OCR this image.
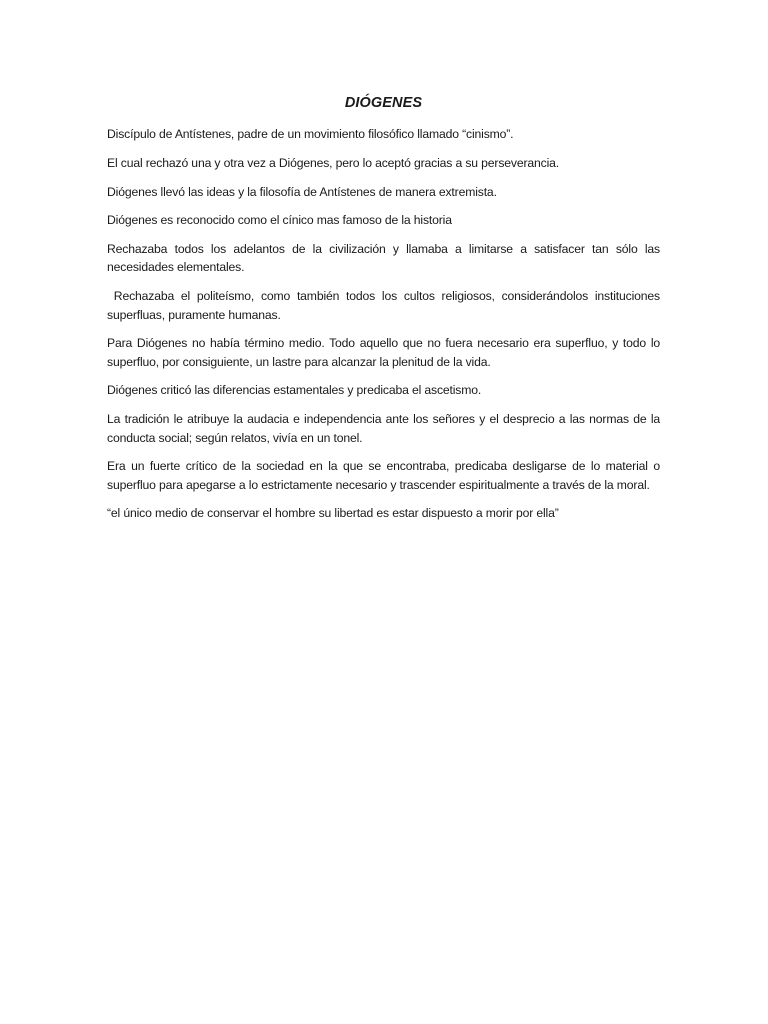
DIÓGENES

Discípulo de Antístenes, padre de un movimiento filosófico llamado “cinismo”.

El cual rechazó una y otra vez a Diógenes, pero lo aceptó gracias a su perseverancia.

Diógenes llevó las ideas y la filosofía de Antístenes de manera extremista.

Diógenes es reconocido como el cínico mas famoso de la historia

Rechazaba todos los adelantos de la civilización y llamaba a limitarse a satisfacer tan sólo las necesidades elementales.

Rechazaba el politeísmo, como también todos los cultos religiosos, considerándolos instituciones superfluas, puramente humanas.

Para Diógenes no había término medio. Todo aquello que no fuera necesario era superfluo, y todo lo superfluo, por consiguiente, un lastre para alcanzar la plenitud de la vida.

Diógenes criticó las diferencias estamentales y predicaba el ascetismo.

La tradición le atribuye la audacia e independencia ante los señores y el desprecio a las normas de la conducta social; según relatos, vivía en un tonel.

Era un fuerte crítico de la sociedad en la que se encontraba, predicaba desligarse de lo material o superfluo para apegarse a lo estrictamente necesario y trascender espiritualmente a través de la moral.

“el único medio de conservar el hombre su libertad es estar dispuesto a morir por ella”
